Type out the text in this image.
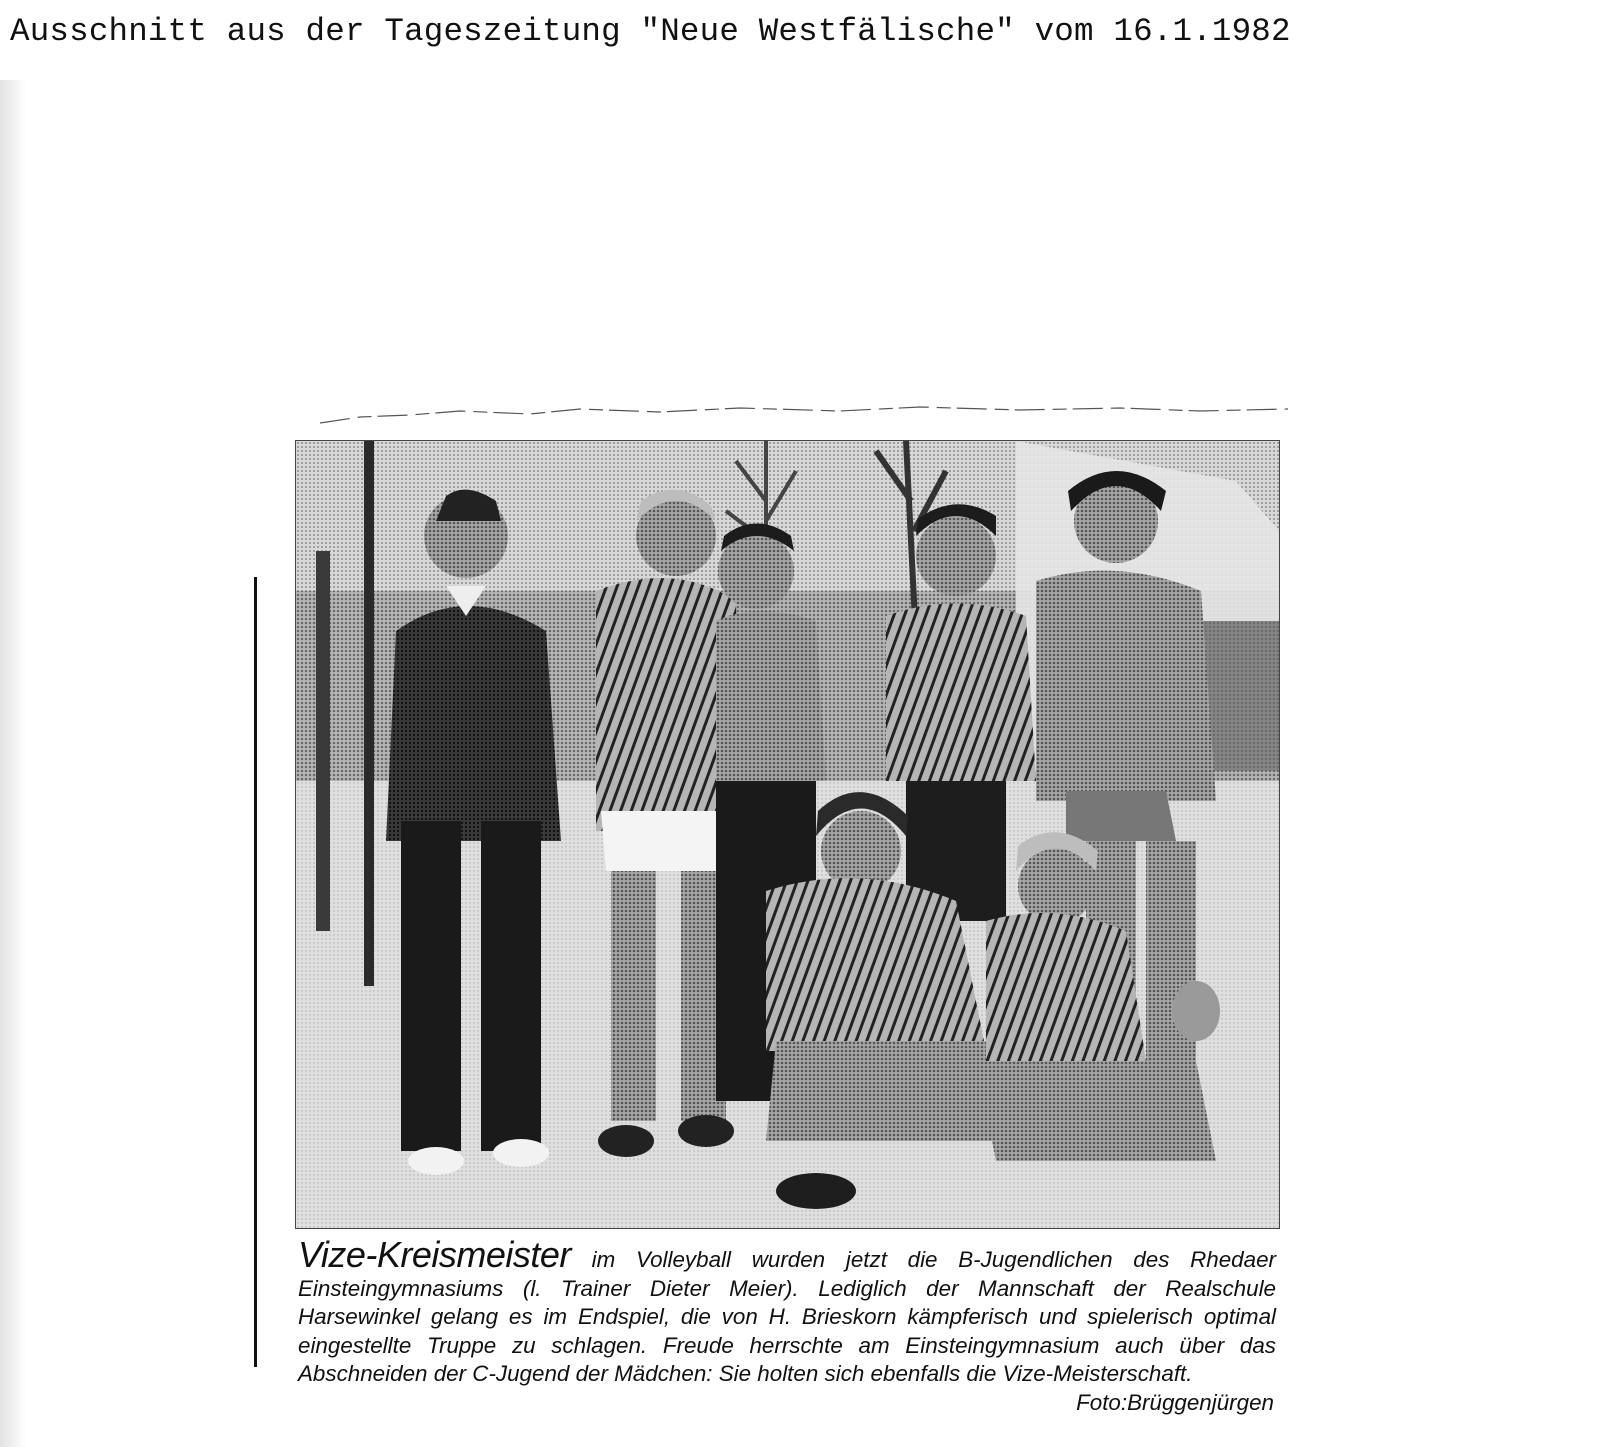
Ausschnitt aus der Tageszeitung "Neue Westfälische" vom 16.1.1982
Vize-Kreismeister im Volleyball wurden jetzt die B-Jugendlichen des Rhedaer Einsteingymnasiums (l. Trainer Dieter Meier). Lediglich der Mannschaft der Realschule Harsewinkel gelang es im Endspiel, die von H. Brieskorn kämpferisch und spielerisch optimal eingestellte Truppe zu schlagen. Freude herrschte am Einsteingymnasium auch über das Abschneiden der C-Jugend der Mädchen: Sie holten sich ebenfalls die Vize-Meisterschaft.
Foto:Brüggenjürgen
